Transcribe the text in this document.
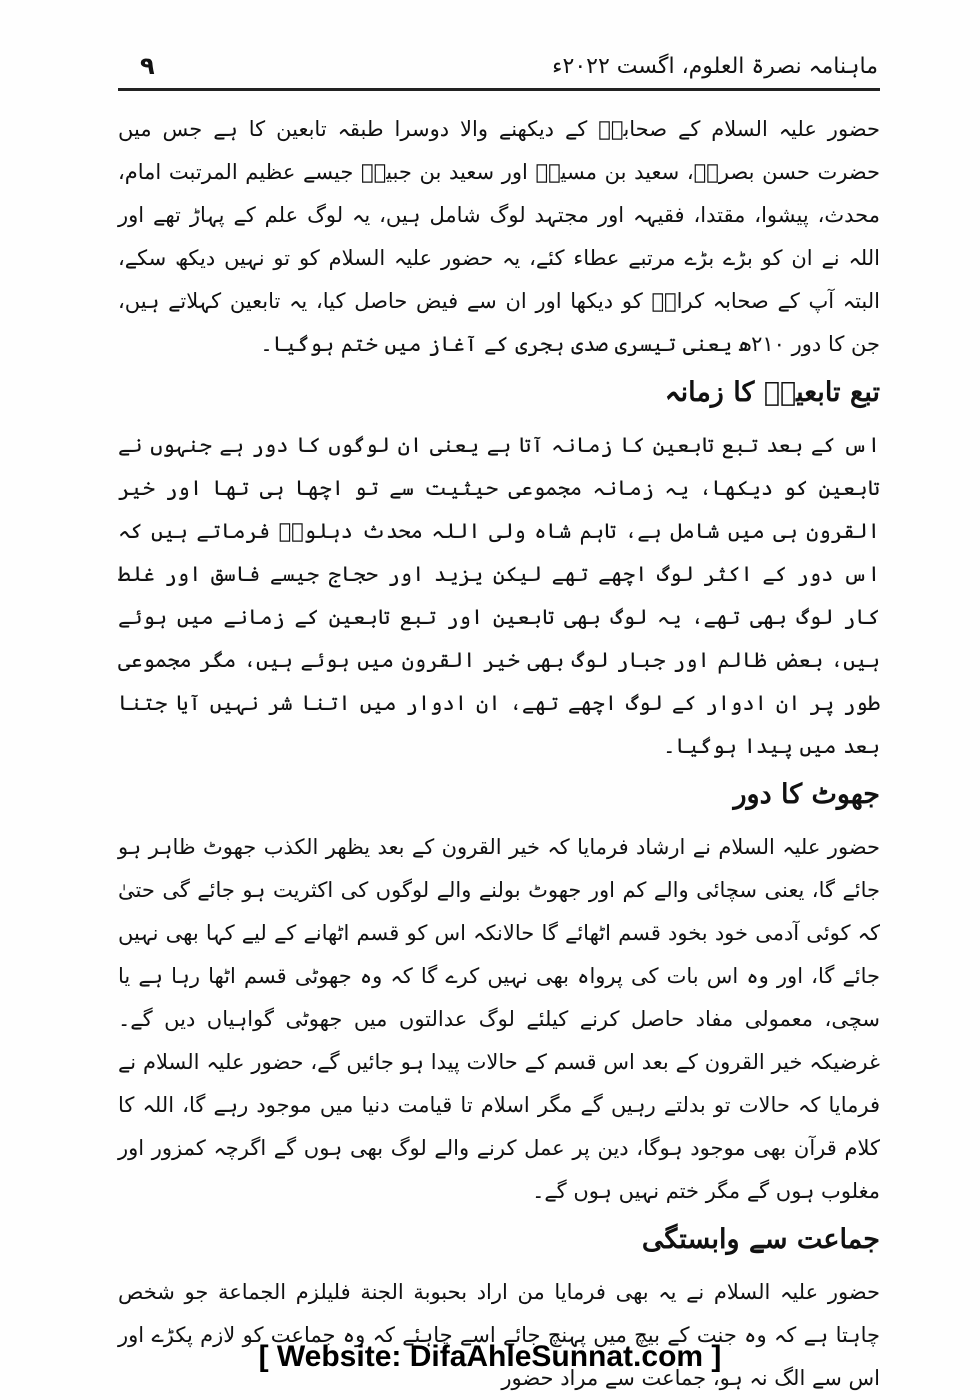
ماہنامہ نصرۃ العلوم، اگست ۲۰۲۲ء
۹

حضور علیہ السلام کے صحابہؓ کے دیکھنے والا دوسرا طبقہ تابعین کا ہے جس میں حضرت حسن بصریؒ، سعید بن مسیبؒ اور سعید بن جبیرؒ جیسے عظیم المرتبت امام، محدث، پیشوا، مقتدا، فقیہہ اور مجتہد لوگ شامل ہیں، یہ لوگ علم کے پہاڑ تھے اور اللہ نے ان کو بڑے بڑے مرتبے عطاء کئے، یہ حضور علیہ السلام کو تو نہیں دیکھ سکے، البتہ آپ کے صحابہ کرامؓ کو دیکھا اور ان سے فیض حاصل کیا، یہ تابعین کہلاتے ہیں، جن کا دور ۲۱۰ھ یعنی تیسری صدی ہجری کے آغاز میں ختم ہوگیا۔

تبع تابعینؒ کا زمانہ

اس کے بعد تبع تابعین کا زمانہ آتا ہے یعنی ان لوگوں کا دور ہے جنہوں نے تابعین کو دیکھا، یہ زمانہ مجموعی حیثیت سے تو اچھا ہی تھا اور خیر القرون ہی میں شامل ہے، تاہم شاہ ولی اللہ محدث دہلویؒ فرماتے ہیں کہ اس دور کے اکثر لوگ اچھے تھے لیکن یزید اور حجاج جیسے فاسق اور غلط کار لوگ بھی تھے، یہ لوگ بھی تابعین اور تبع تابعین کے زمانے میں ہوئے ہیں، بعض ظالم اور جبار لوگ بھی خیر القرون میں ہوئے ہیں، مگر مجموعی طور پر ان ادوار کے لوگ اچھے تھے، ان ادوار میں اتنا شر نہیں آیا جتنا بعد میں پیدا ہوگیا۔

جھوٹ کا دور

حضور علیہ السلام نے ارشاد فرمایا کہ خیر القرون کے بعد یظهر الكذب جھوٹ ظاہر ہو جائے گا، یعنی سچائی والے کم اور جھوٹ بولنے والے لوگوں کی اکثریت ہو جائے گی حتیٰ کہ کوئی آدمی خود بخود قسم اٹھائے گا حالانکہ اس کو قسم اٹھانے کے لیے کہا بھی نہیں جائے گا، اور وہ اس بات کی پرواہ بھی نہیں کرے گا کہ وہ جھوٹی قسم اٹھا رہا ہے یا سچی، معمولی مفاد حاصل کرنے کیلئے لوگ عدالتوں میں جھوٹی گواہیاں دیں گے۔ غرضیکہ خیر القرون کے بعد اس قسم کے حالات پیدا ہو جائیں گے، حضور علیہ السلام نے فرمایا کہ حالات تو بدلتے رہیں گے مگر اسلام تا قیامت دنیا میں موجود رہے گا، اللہ کا کلام قرآن بھی موجود ہوگا، دین پر عمل کرنے والے لوگ بھی ہوں گے اگرچہ کمزور اور مغلوب ہوں گے مگر ختم نہیں ہوں گے۔

جماعت سے وابستگی

حضور علیہ السلام نے یہ بھی فرمایا من اراد بحبوبة الجنة فليلزم الجماعة جو شخص چاہتا ہے کہ وہ جنت کے بیچ میں پہنچ جائے اسے چاہئے کہ وہ جماعت کو لازم پکڑے اور اس سے الگ نہ ہو، جماعت سے مراد حضور

[ Website: DifaAhleSunnat.com ]
